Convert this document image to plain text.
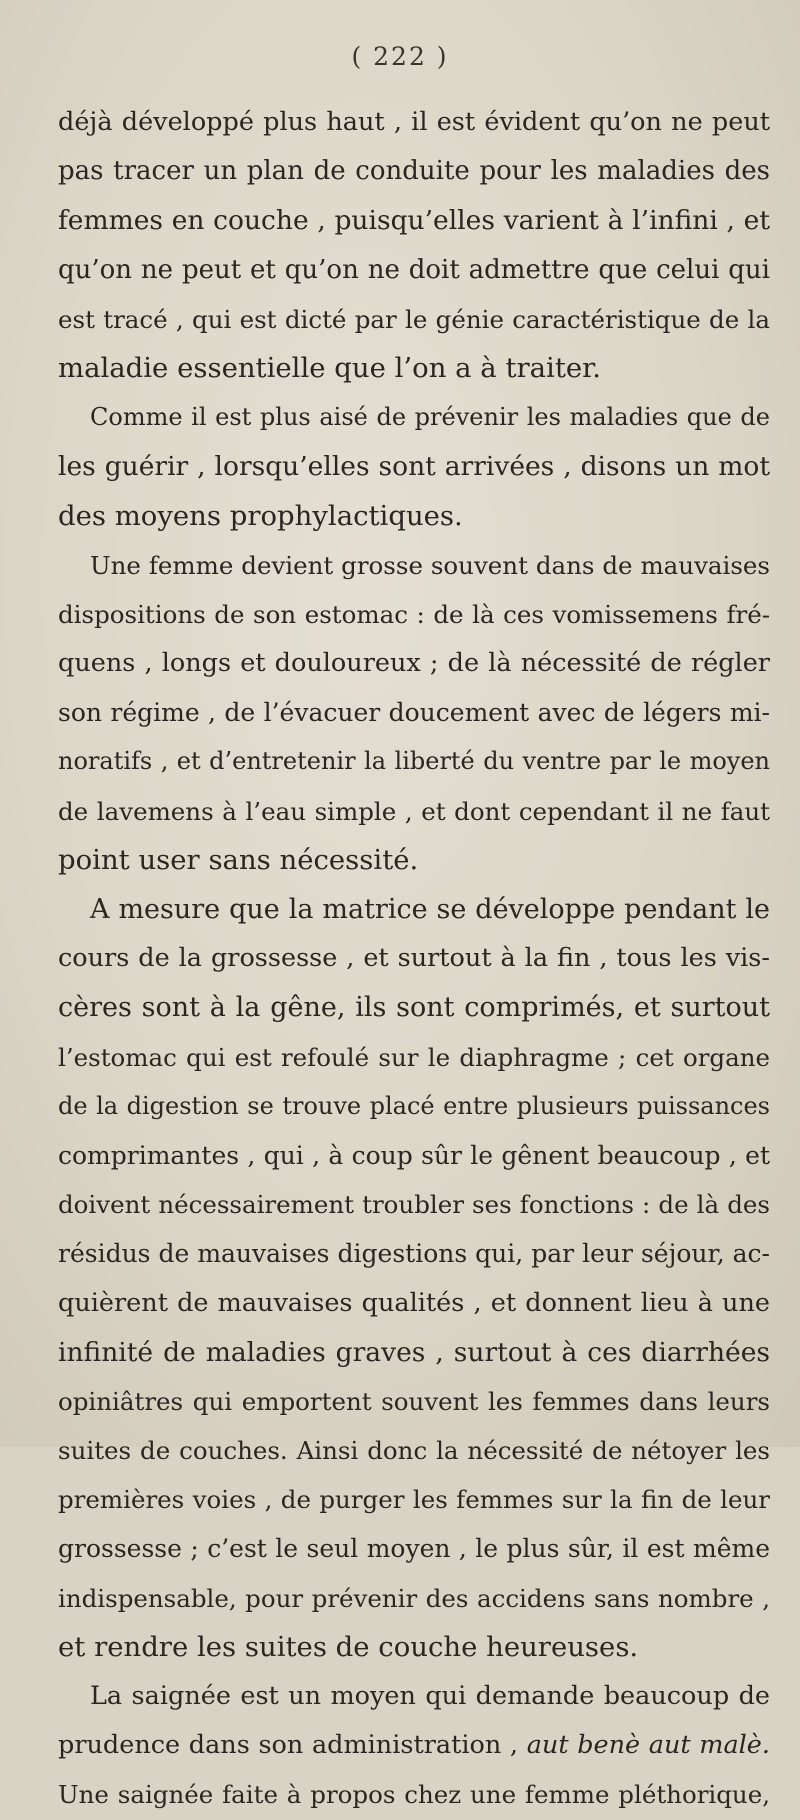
( 222 )
déjà développé plus haut , il est évident qu’on ne peut
pas tracer un plan de conduite pour les maladies des
femmes en couche , puisqu’elles varient à l’infini , et
qu’on ne peut et qu’on ne doit admettre que celui qui
est tracé , qui est dicté par le génie caractéristique de la
maladie essentielle que l’on a à traiter.
Comme il est plus aisé de prévenir les maladies que de
les guérir , lorsqu’elles sont arrivées , disons un mot
des moyens prophylactiques.
Une femme devient grosse souvent dans de mauvaises
dispositions de son estomac : de là ces vomissemens fré-
quens , longs et douloureux ; de là nécessité de régler
son régime , de l’évacuer doucement avec de légers mi-
noratifs , et d’entretenir la liberté du ventre par le moyen
de lavemens à l’eau simple , et dont cependant il ne faut
point user sans nécessité.
A mesure que la matrice se développe pendant le
cours de la grossesse , et surtout à la fin , tous les vis-
cères sont à la gêne, ils sont comprimés, et surtout
l’estomac qui est refoulé sur le diaphragme ; cet organe
de la digestion se trouve placé entre plusieurs puissances
comprimantes , qui , à coup sûr le gênent beaucoup , et
doivent nécessairement troubler ses fonctions : de là des
résidus de mauvaises digestions qui, par leur séjour, ac-
quièrent de mauvaises qualités , et donnent lieu à une
infinité de maladies graves , surtout à ces diarrhées
opiniâtres qui emportent souvent les femmes dans leurs
suites de couches. Ainsi donc la nécessité de nétoyer les
premières voies , de purger les femmes sur la fin de leur
grossesse ; c’est le seul moyen , le plus sûr, il est même
indispensable, pour prévenir des accidens sans nombre ,
et rendre les suites de couche heureuses.
La saignée est un moyen qui demande beaucoup de
prudence dans son administration , aut benè aut malè.
Une saignée faite à propos chez une femme pléthorique,
